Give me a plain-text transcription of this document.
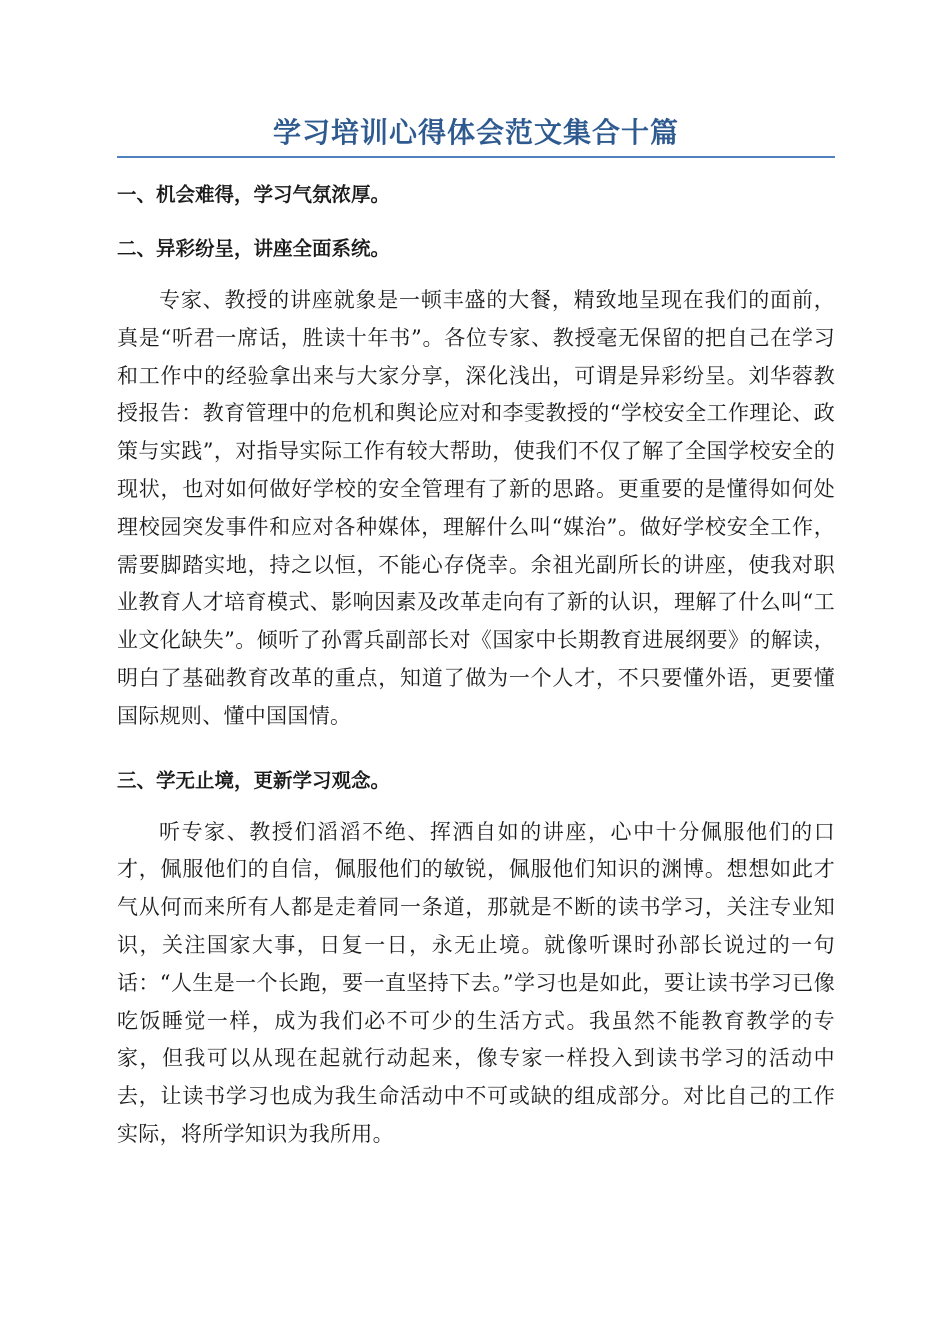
学习培训心得体会范文集合十篇
一、机会难得，学习气氛浓厚。
二、异彩纷呈，讲座全面系统。

专家、教授的讲座就象是一顿丰盛的大餐，精致地呈现在我们的面前，真是“听君一席话，胜读十年书”。各位专家、教授毫无保留的把自己在学习和工作中的经验拿出来与大家分享，深化浅出，可谓是异彩纷呈。刘华蓉教授报告：教育管理中的危机和舆论应对和李雯教授的“学校安全工作理论、政策与实践”，对指导实际工作有较大帮助，使我们不仅了解了全国学校安全的现状，也对如何做好学校的安全管理有了新的思路。更重要的是懂得如何处理校园突发事件和应对各种媒体，理解什么叫“媒治”。做好学校安全工作，需要脚踏实地，持之以恒，不能心存侥幸。余祖光副所长的讲座，使我对职业教育人才培育模式、影响因素及改革走向有了新的认识，理解了什么叫“工业文化缺失”。倾听了孙霄兵副部长对《国家中长期教育进展纲要》的解读，明白了基础教育改革的重点，知道了做为一个人才，不只要懂外语，更要懂国际规则、懂中国国情。

三、学无止境，更新学习观念。

听专家、教授们滔滔不绝、挥洒自如的讲座，心中十分佩服他们的口才，佩服他们的自信，佩服他们的敏锐，佩服他们知识的渊博。想想如此才气从何而来所有人都是走着同一条道，那就是不断的读书学习，关注专业知识，关注国家大事，日复一日，永无止境。就像听课时孙部长说过的一句话：“人生是一个长跑，要一直坚持下去。”学习也是如此，要让读书学习已像吃饭睡觉一样，成为我们必不可少的生活方式。我虽然不能教育教学的专家，但我可以从现在起就行动起来，像专家一样投入到读书学习的活动中去，让读书学习也成为我生命活动中不可或缺的组成部分。对比自己的工作实际，将所学知识为我所用。
